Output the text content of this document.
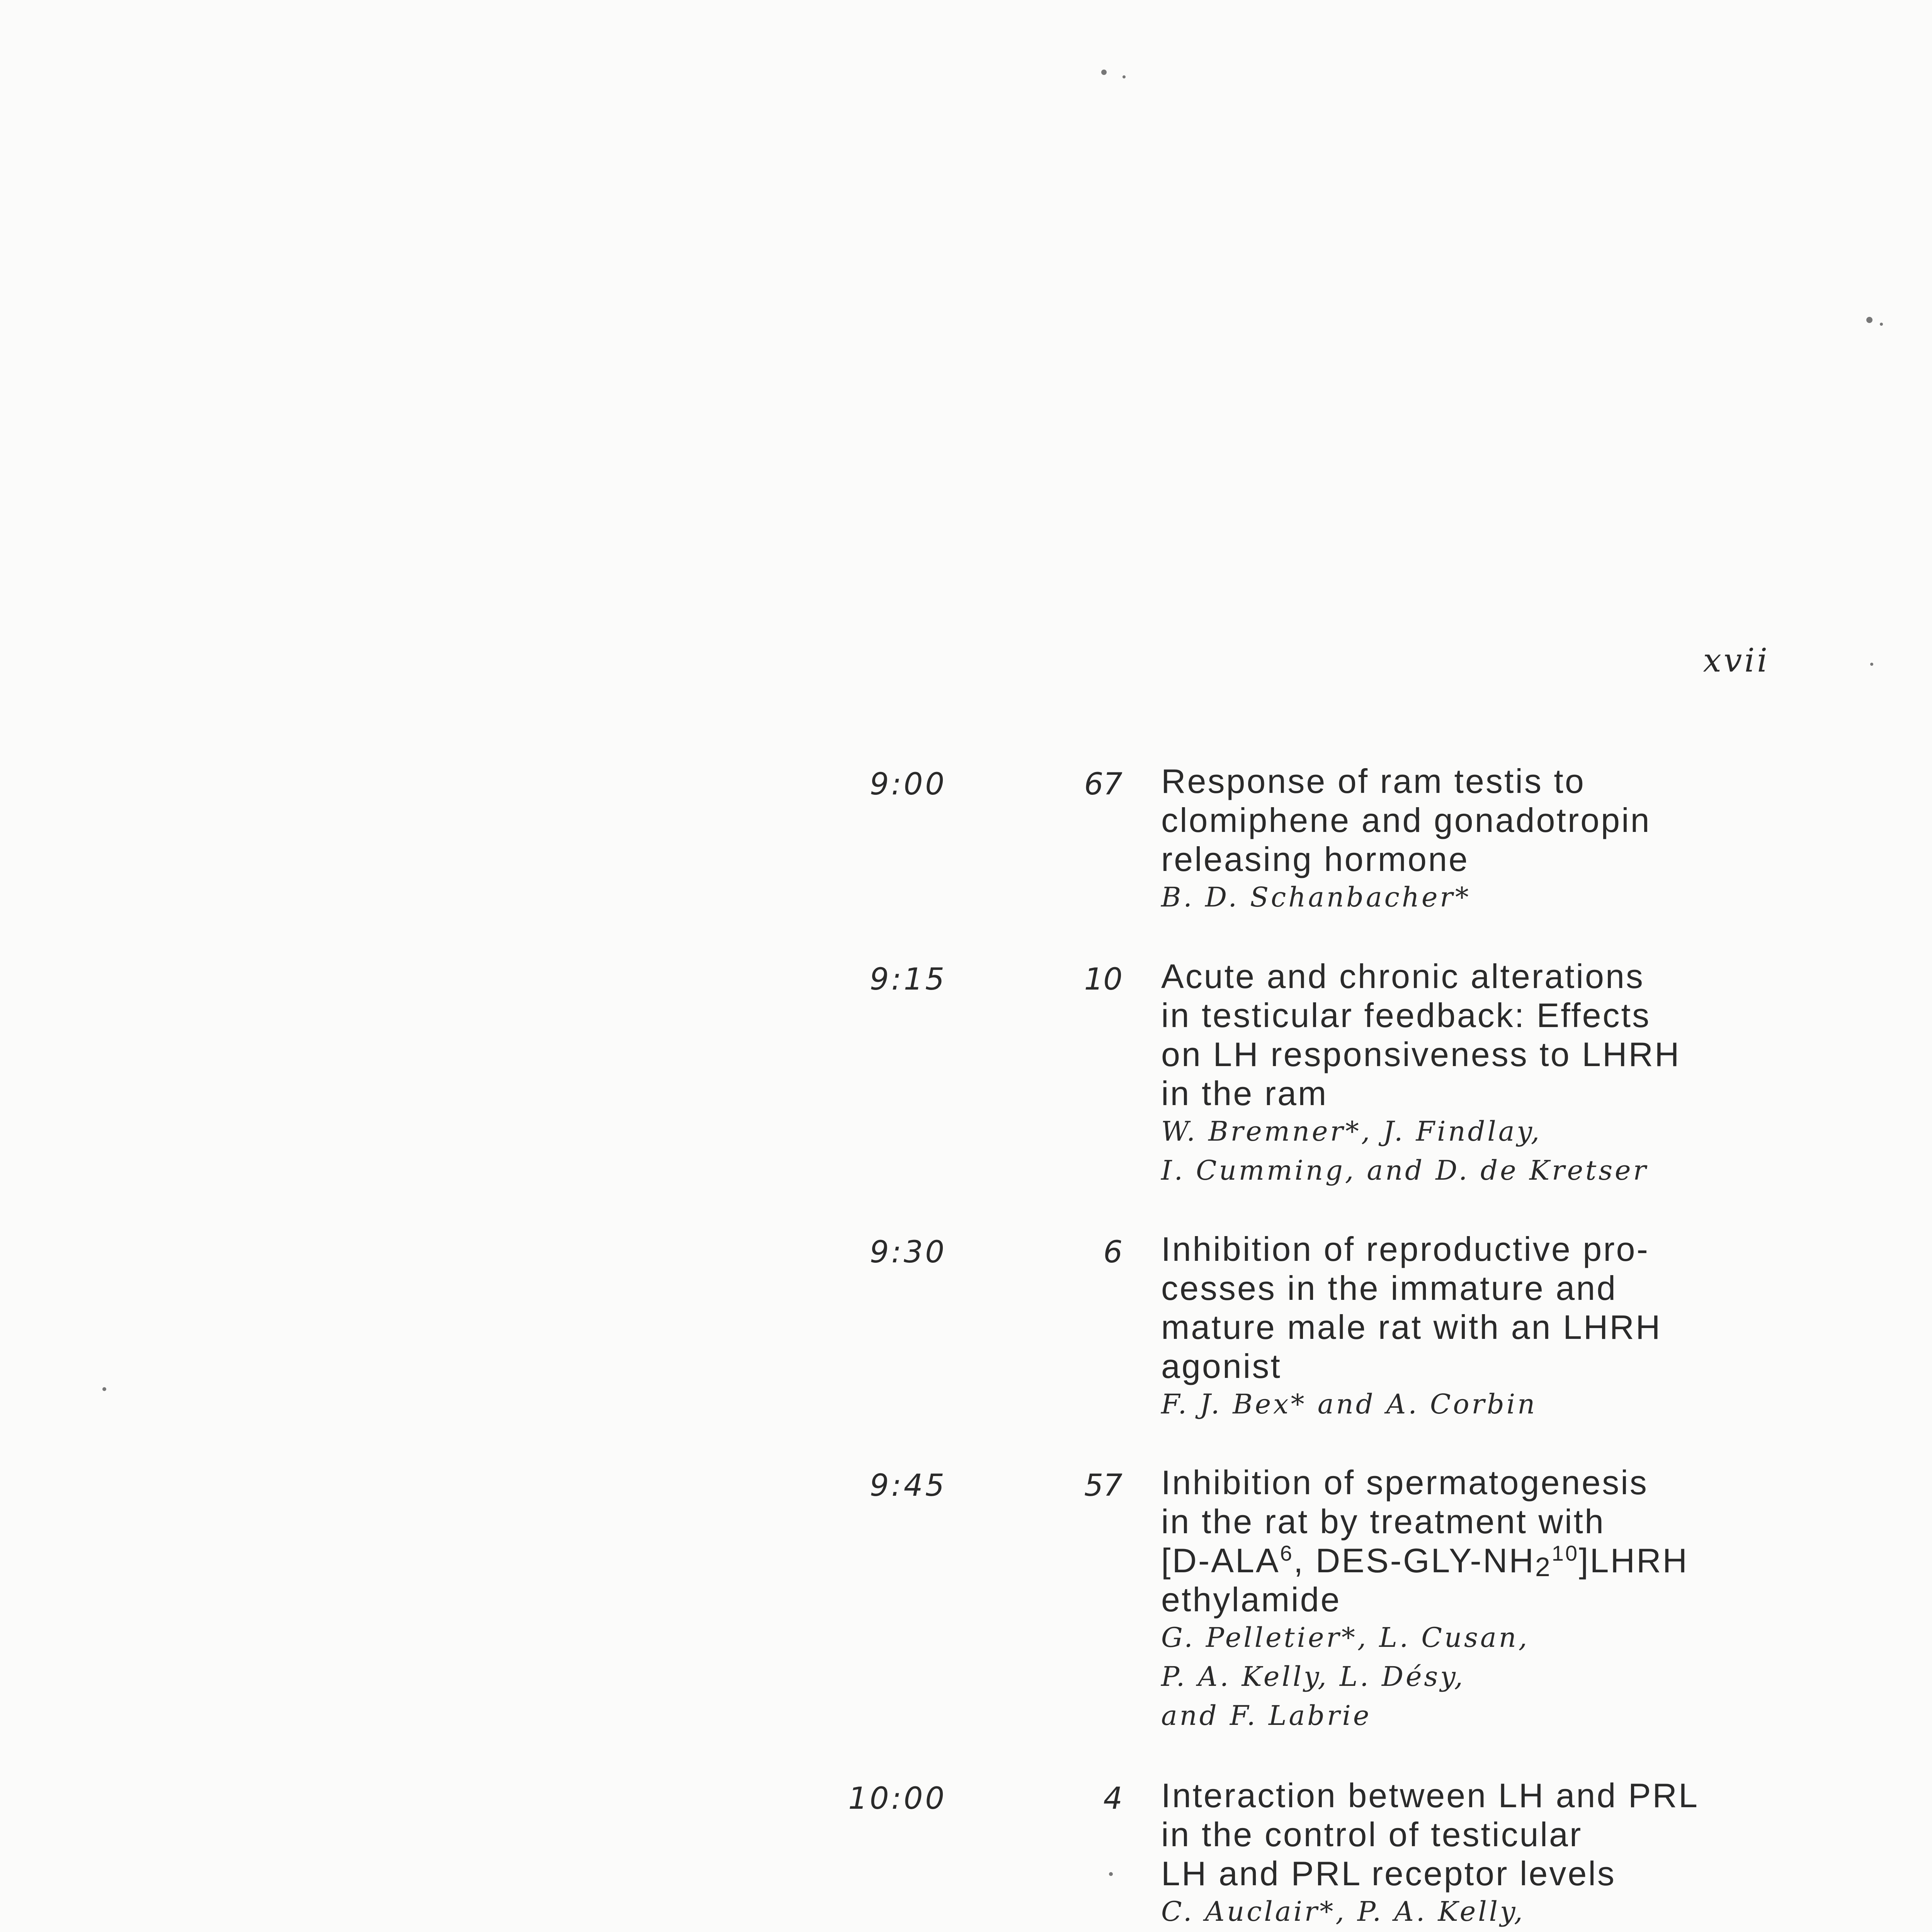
xvii
9:00	67 Response of ram testis to
clomiphene and gonadotropin
releasing hormone
B. D. Schanbacher*
9:15	10 Acute and chronic alterations
in testicular feedback: Effects
on LH responsiveness to LHRH
in the ram
W. Bremner*, J. Findlay,
I. Cumming, and D. de Kretser
9:30	6 Inhibition of reproductive pro-
cesses in the immature and
mature male rat with an LHRH
agonist
F. J. Bex* and A. Corbin
9:45	57 Inhibition of spermatogenesis
in the rat by treatment with
[D-ALA$^6$, DES-$GLY-NH_2^{10}]LHRH$
ethylamide
G. Pelletier*, L. Cusan,
P. A. Kelly, L. Désy,
and F. Labrie
10:00	4 Interaction between LH and PRL
in the control of testicular
LH and PRL receptor levels
C. Auclair*, P. A. Kelly,
